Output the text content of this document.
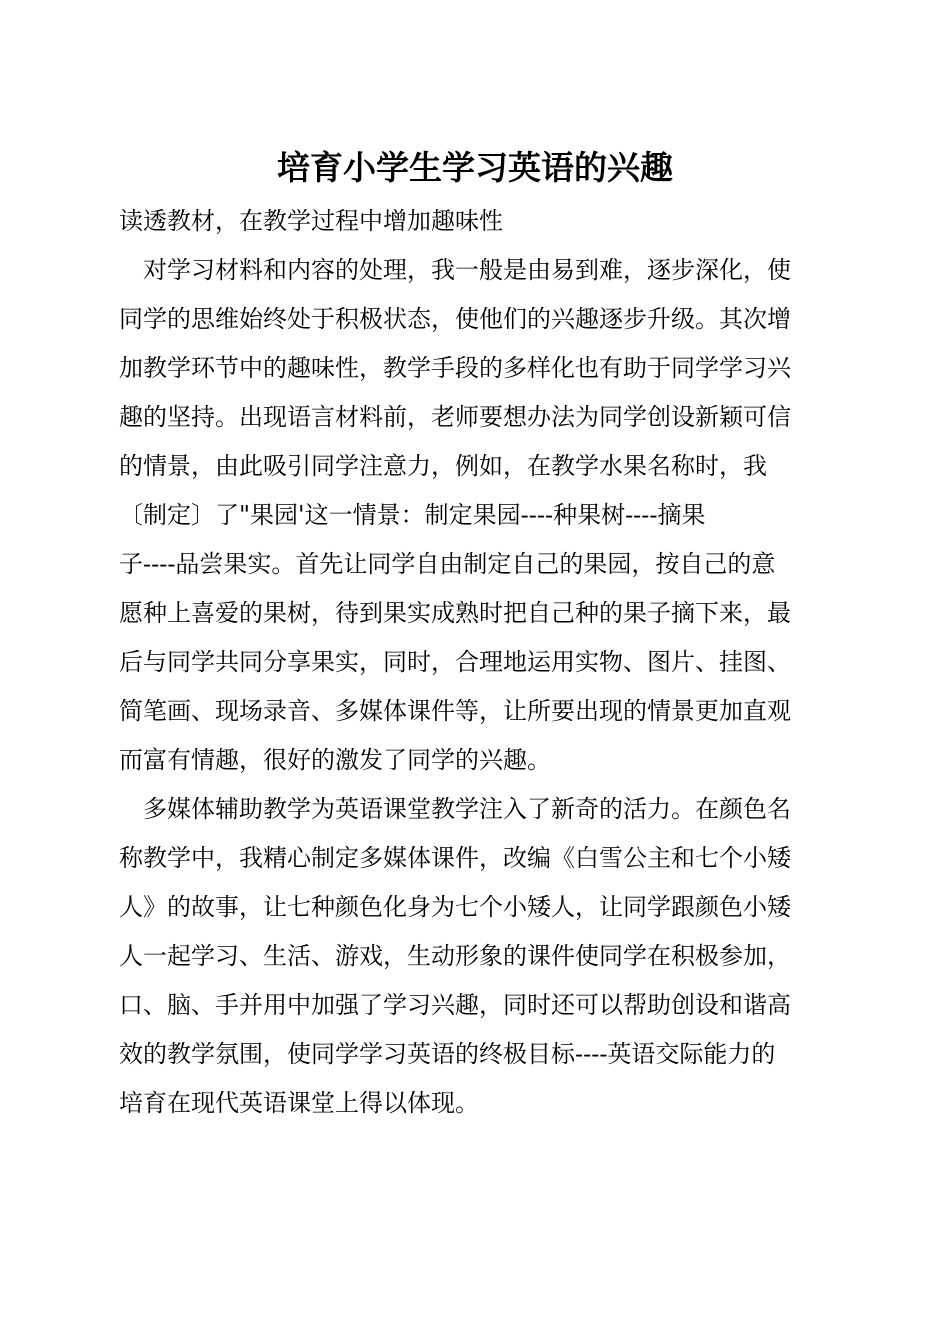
培育小学生学习英语的兴趣
读透教材，在教学过程中增加趣味性
　对学习材料和内容的处理，我一般是由易到难，逐步深化，使
同学的思维始终处于积极状态，使他们的兴趣逐步升级。其次增
加教学环节中的趣味性，教学手段的多样化也有助于同学学习兴
趣的坚持。出现语言材料前，老师要想办法为同学创设新颖可信
的情景，由此吸引同学注意力，例如，在教学水果名称时，我
〔制定〕了"果园'这一情景：制定果园----种果树----摘果
子----品尝果实。首先让同学自由制定自己的果园，按自己的意
愿种上喜爱的果树，待到果实成熟时把自己种的果子摘下来，最
后与同学共同分享果实，同时，合理地运用实物、图片、挂图、
简笔画、现场录音、多媒体课件等，让所要出现的情景更加直观
而富有情趣，很好的激发了同学的兴趣。
　多媒体辅助教学为英语课堂教学注入了新奇的活力。在颜色名
称教学中，我精心制定多媒体课件，改编《白雪公主和七个小矮
人》的故事，让七种颜色化身为七个小矮人，让同学跟颜色小矮
人一起学习、生活、游戏，生动形象的课件使同学在积极参加，
口、脑、手并用中加强了学习兴趣，同时还可以帮助创设和谐高
效的教学氛围，使同学学习英语的终极目标----英语交际能力的
培育在现代英语课堂上得以体现。
